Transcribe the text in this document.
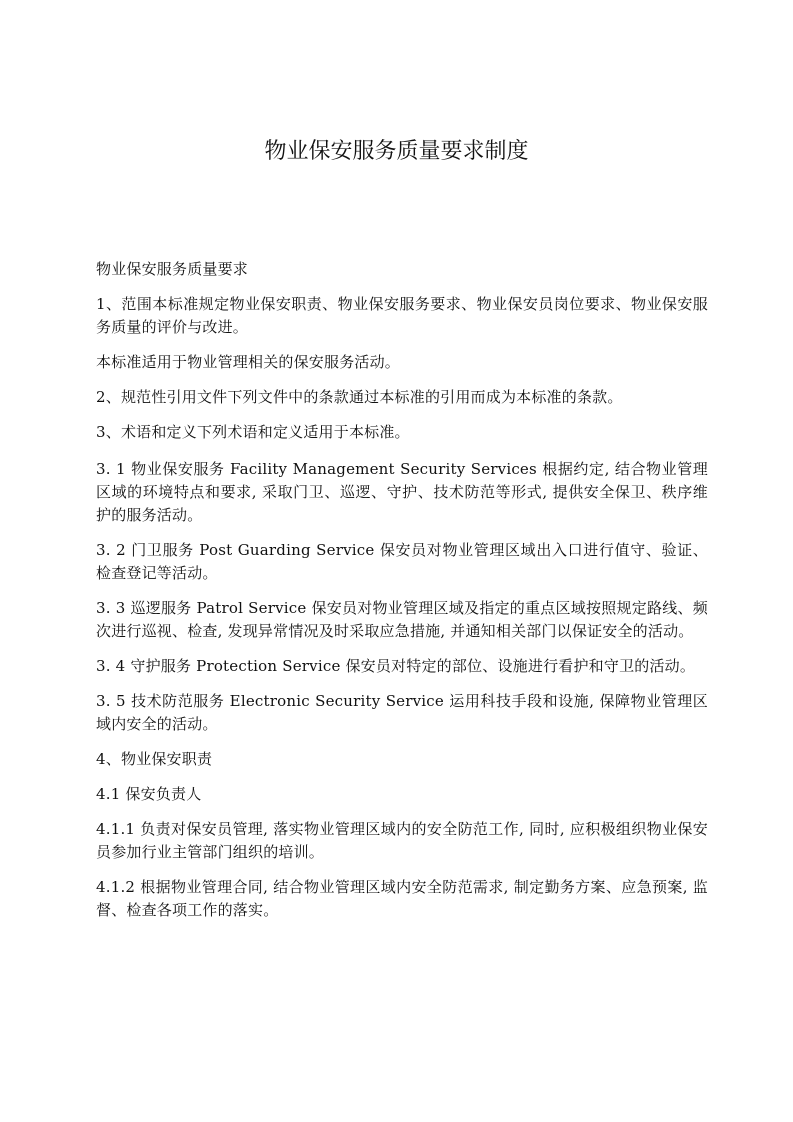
物业保安服务质量要求制度

物业保安服务质量要求

1、范围本标准规定物业保安职责、物业保安服务要求、物业保安员岗位要求、物业保安服务质量的评价与改进。

本标准适用于物业管理相关的保安服务活动。

2、规范性引用文件下列文件中的条款通过本标准的引用而成为本标准的条款。

3、术语和定义下列术语和定义适用于本标准。

3. 1 物业保安服务 Facility Management Security Services 根据约定, 结合物业管理区域的环境特点和要求, 采取门卫、巡逻、守护、技术防范等形式, 提供安全保卫、秩序维护的服务活动。

3. 2 门卫服务 Post Guarding Service 保安员对物业管理区域出入口进行值守、验证、检查登记等活动。

3. 3 巡逻服务 Patrol Service 保安员对物业管理区域及指定的重点区域按照规定路线、频次进行巡视、检查, 发现异常情况及时采取应急措施, 并通知相关部门以保证安全的活动。

3. 4 守护服务 Protection Service 保安员对特定的部位、设施进行看护和守卫的活动。

3. 5 技术防范服务 Electronic Security Service 运用科技手段和设施, 保障物业管理区域内安全的活动。

4、物业保安职责

4.1 保安负责人

4.1.1 负责对保安员管理, 落实物业管理区域内的安全防范工作, 同时, 应积极组织物业保安员参加行业主管部门组织的培训。

4.1.2 根据物业管理合同, 结合物业管理区域内安全防范需求, 制定勤务方案、应急预案, 监督、检查各项工作的落实。
